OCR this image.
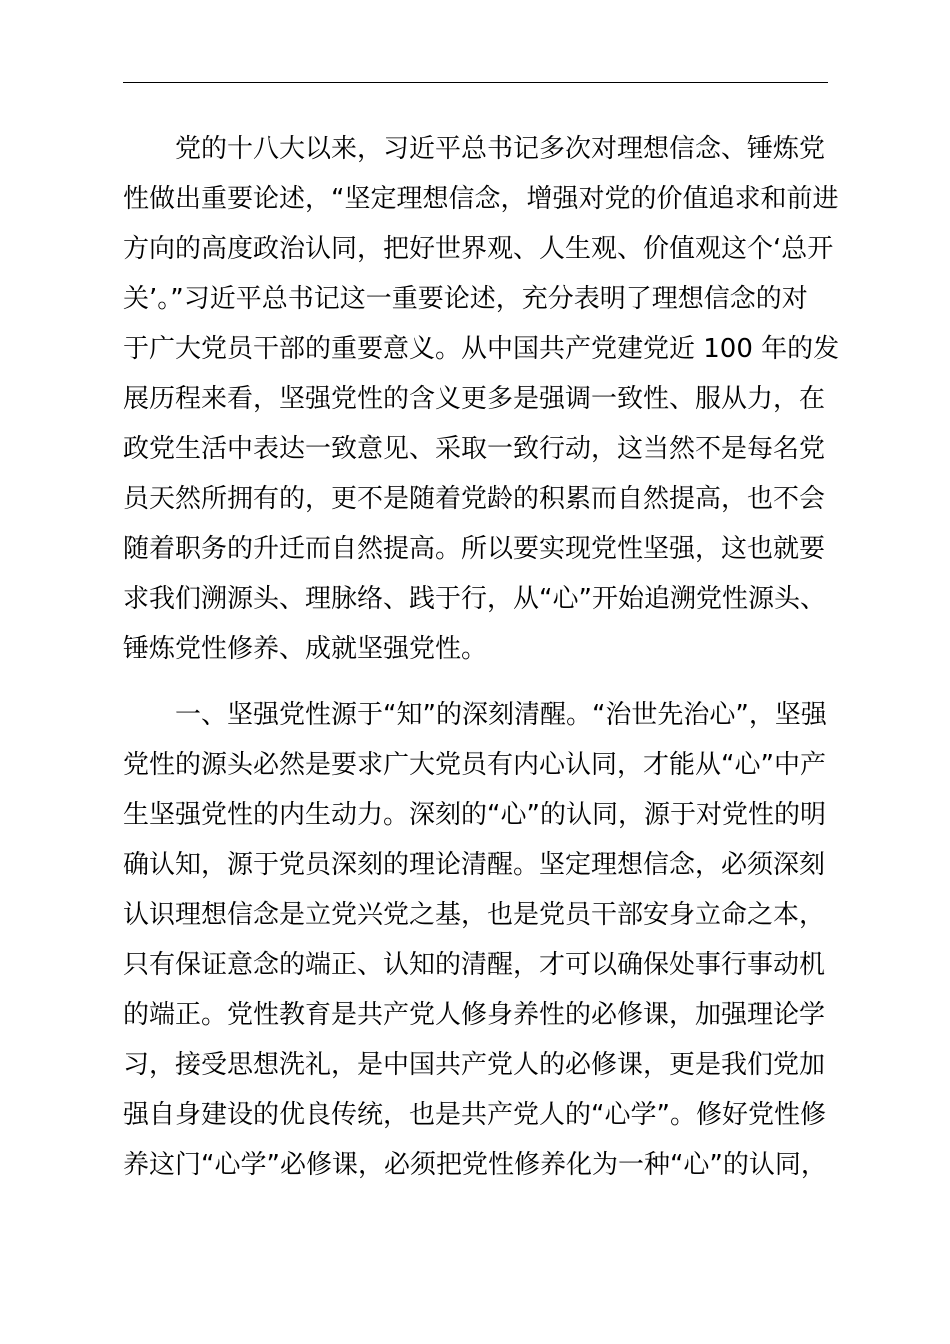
党的十八大以来，习近平总书记多次对理想信念、锤炼党
性做出重要论述，“坚定理想信念，增强对党的价值追求和前进
方向的高度政治认同，把好世界观、人生观、价值观这个‘总开
关’。”习近平总书记这一重要论述，充分表明了理想信念的对
于广大党员干部的重要意义。从中国共产党建党近 100 年的发
展历程来看，坚强党性的含义更多是强调一致性、服从力，在
政党生活中表达一致意见、采取一致行动，这当然不是每名党
员天然所拥有的，更不是随着党龄的积累而自然提高，也不会
随着职务的升迁而自然提高。所以要实现党性坚强，这也就要
求我们溯源头、理脉络、践于行，从“心”开始追溯党性源头、
锤炼党性修养、成就坚强党性。
一、坚强党性源于“知”的深刻清醒。“治世先治心”，坚强
党性的源头必然是要求广大党员有内心认同，才能从“心”中产
生坚强党性的内生动力。深刻的“心”的认同，源于对党性的明
确认知，源于党员深刻的理论清醒。坚定理想信念，必须深刻
认识理想信念是立党兴党之基，也是党员干部安身立命之本，
只有保证意念的端正、认知的清醒，才可以确保处事行事动机
的端正。党性教育是共产党人修身养性的必修课，加强理论学
习，接受思想洗礼，是中国共产党人的必修课，更是我们党加
强自身建设的优良传统，也是共产党人的“心学”。修好党性修
养这门“心学”必修课，必须把党性修养化为一种“心”的认同，
